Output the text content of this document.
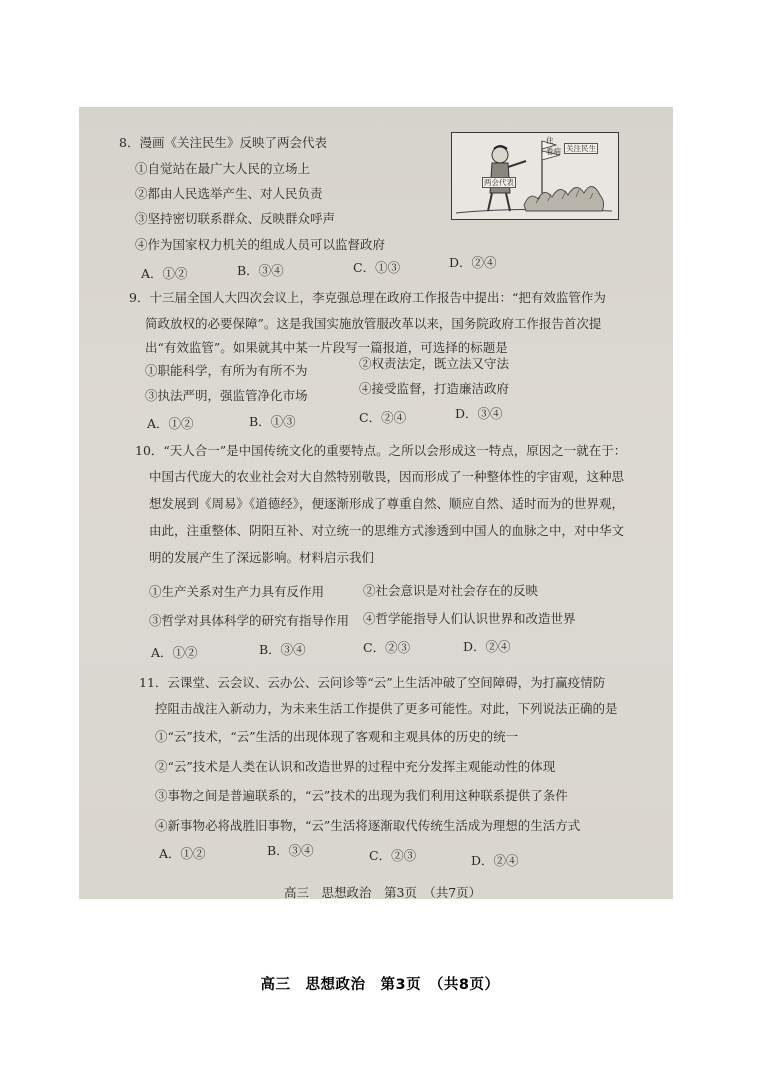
8．漫画《关注民生》反映了两会代表
①自觉站在最广大人民的立场上
②都由人民选举产生、对人民负责
③坚持密切联系群众、反映群众呼声
④作为国家权力机关的组成人员可以监督政府
A．①②	B．③④	C．①③	D．②④
关注民生
两会代表
住
看病
9．十三届全国人大四次会议上，李克强总理在政府工作报告中提出：“把有效监管作为
简政放权的必要保障”。这是我国实施放管服改革以来，国务院政府工作报告首次提
出“有效监管”。如果就其中某一片段写一篇报道，可选择的标题是
①职能科学，有所为有所不为	②权责法定，既立法又守法
③执法严明，强监管净化市场	④接受监督，打造廉洁政府
A．①②	B．①③	C．②④	D．③④
10．“天人合一”是中国传统文化的重要特点。之所以会形成这一特点，原因之一就在于：
中国古代庞大的农业社会对大自然特别敬畏，因而形成了一种整体性的宇宙观，这种思
想发展到《周易》《道德经》，便逐渐形成了尊重自然、顺应自然、适时而为的世界观，
由此，注重整体、阴阳互补、对立统一的思维方式渗透到中国人的血脉之中，对中华文
明的发展产生了深远影响。材料启示我们
①生产关系对生产力具有反作用	②社会意识是对社会存在的反映
③哲学对具体科学的研究有指导作用 ④哲学能指导人们认识世界和改造世界
A．①②	B．③④	C．②③	D．②④
11．云课堂、云会议、云办公、云问诊等“云”上生活冲破了空间障碍，为打赢疫情防
控阻击战注入新动力，为未来生活工作提供了更多可能性。对此，下列说法正确的是
①“云”技术，“云”生活的出现体现了客观和主观具体的历史的统一
②“云”技术是人类在认识和改造世界的过程中充分发挥主观能动性的体现
③事物之间是普遍联系的，“云”技术的出现为我们利用这种联系提供了条件
④新事物必将战胜旧事物，“云”生活将逐渐取代传统生活成为理想的生活方式
A．①②	B．③④	C．②③	D．②④
高三　思想政治　第3页　（共7页）
高三　思想政治　第3页　（共8页）
